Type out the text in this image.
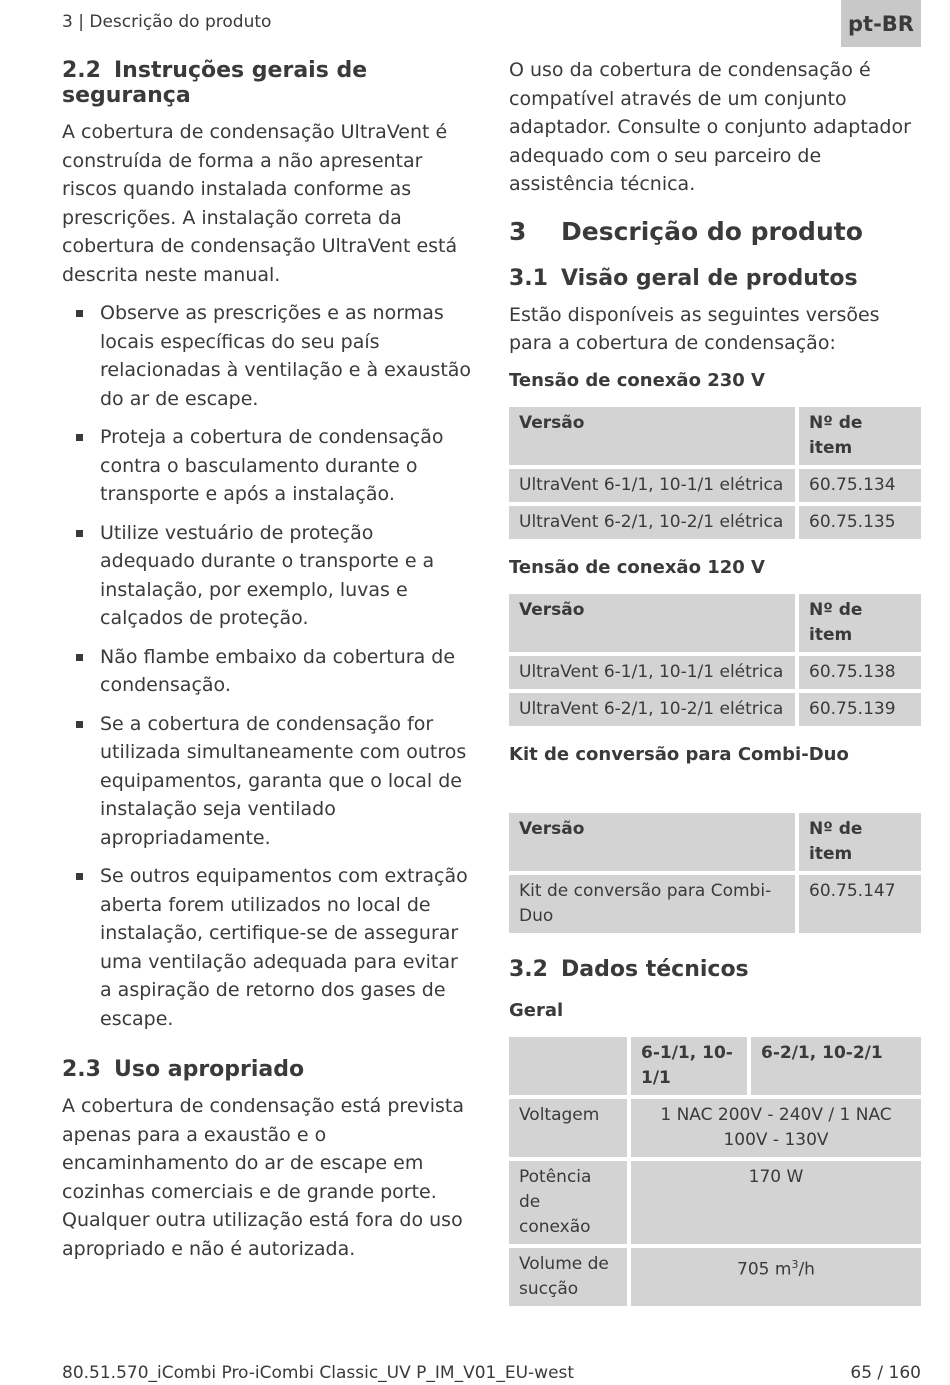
3 | Descrição do produto	pt-BR
2.2 Instruções gerais de segurança

A cobertura de condensação UltraVent é construída de forma a não apresentar riscos quando instalada conforme as prescrições. A instalação correta da cobertura de condensação UltraVent está descrita neste manual.

Observe as prescrições e as normas locais específicas do seu país relacionadas à ventilação e à exaustão do ar de escape.
Proteja a cobertura de condensação contra o basculamento durante o transporte e após a instalação.
Utilize vestuário de proteção adequado durante o transporte e a instalação, por exemplo, luvas e calçados de proteção.
Não flambe embaixo da cobertura de condensação.
Se a cobertura de condensação for utilizada simultaneamente com outros equipamentos, garanta que o local de instalação seja ventilado apropriadamente.
Se outros equipamentos com extração aberta forem utilizados no local de instalação, certifique-se de assegurar uma ventilação adequada para evitar a aspiração de retorno dos gases de escape.
2.3 Uso apropriado

A cobertura de condensação está prevista apenas para a exaustão e o encaminhamento do ar de escape em cozinhas comerciais e de grande porte. Qualquer outra utilização está fora do uso apropriado e não é autorizada.

O uso da cobertura de condensação é compatível através de um conjunto adaptador. Consulte o conjunto adaptador adequado com o seu parceiro de assistência técnica.

3 Descrição do produto
3.1 Visão geral de produtos

Estão disponíveis as seguintes versões para a cobertura de condensação:

Tensão de conexão 230 V
Versão	Nº de item
UltraVent 6-1/1, 10-1/1 elétrica	60.75.134
UltraVent 6-2/1, 10-2/1 elétrica	60.75.135
Tensão de conexão 120 V
Versão	Nº de item
UltraVent 6-1/1, 10-1/1 elétrica	60.75.138
UltraVent 6-2/1, 10-2/1 elétrica	60.75.139
Kit de conversão para Combi-Duo
Versão	Nº de item
Kit de conversão para Combi-Duo	60.75.147
3.2 Dados técnicos
Geral
	6-1/1, 10-1/1	6-2/1, 10-2/1
Voltagem	1 NAC 200V - 240V / 1 NAC 100V - 130V	
Potência de conexão	170 W	
Volume de sucção	705 $m^3/h$	
80.51.570_iCombi Pro-iCombi Classic_UV P_IM_V01_EU-west	65 / 160
